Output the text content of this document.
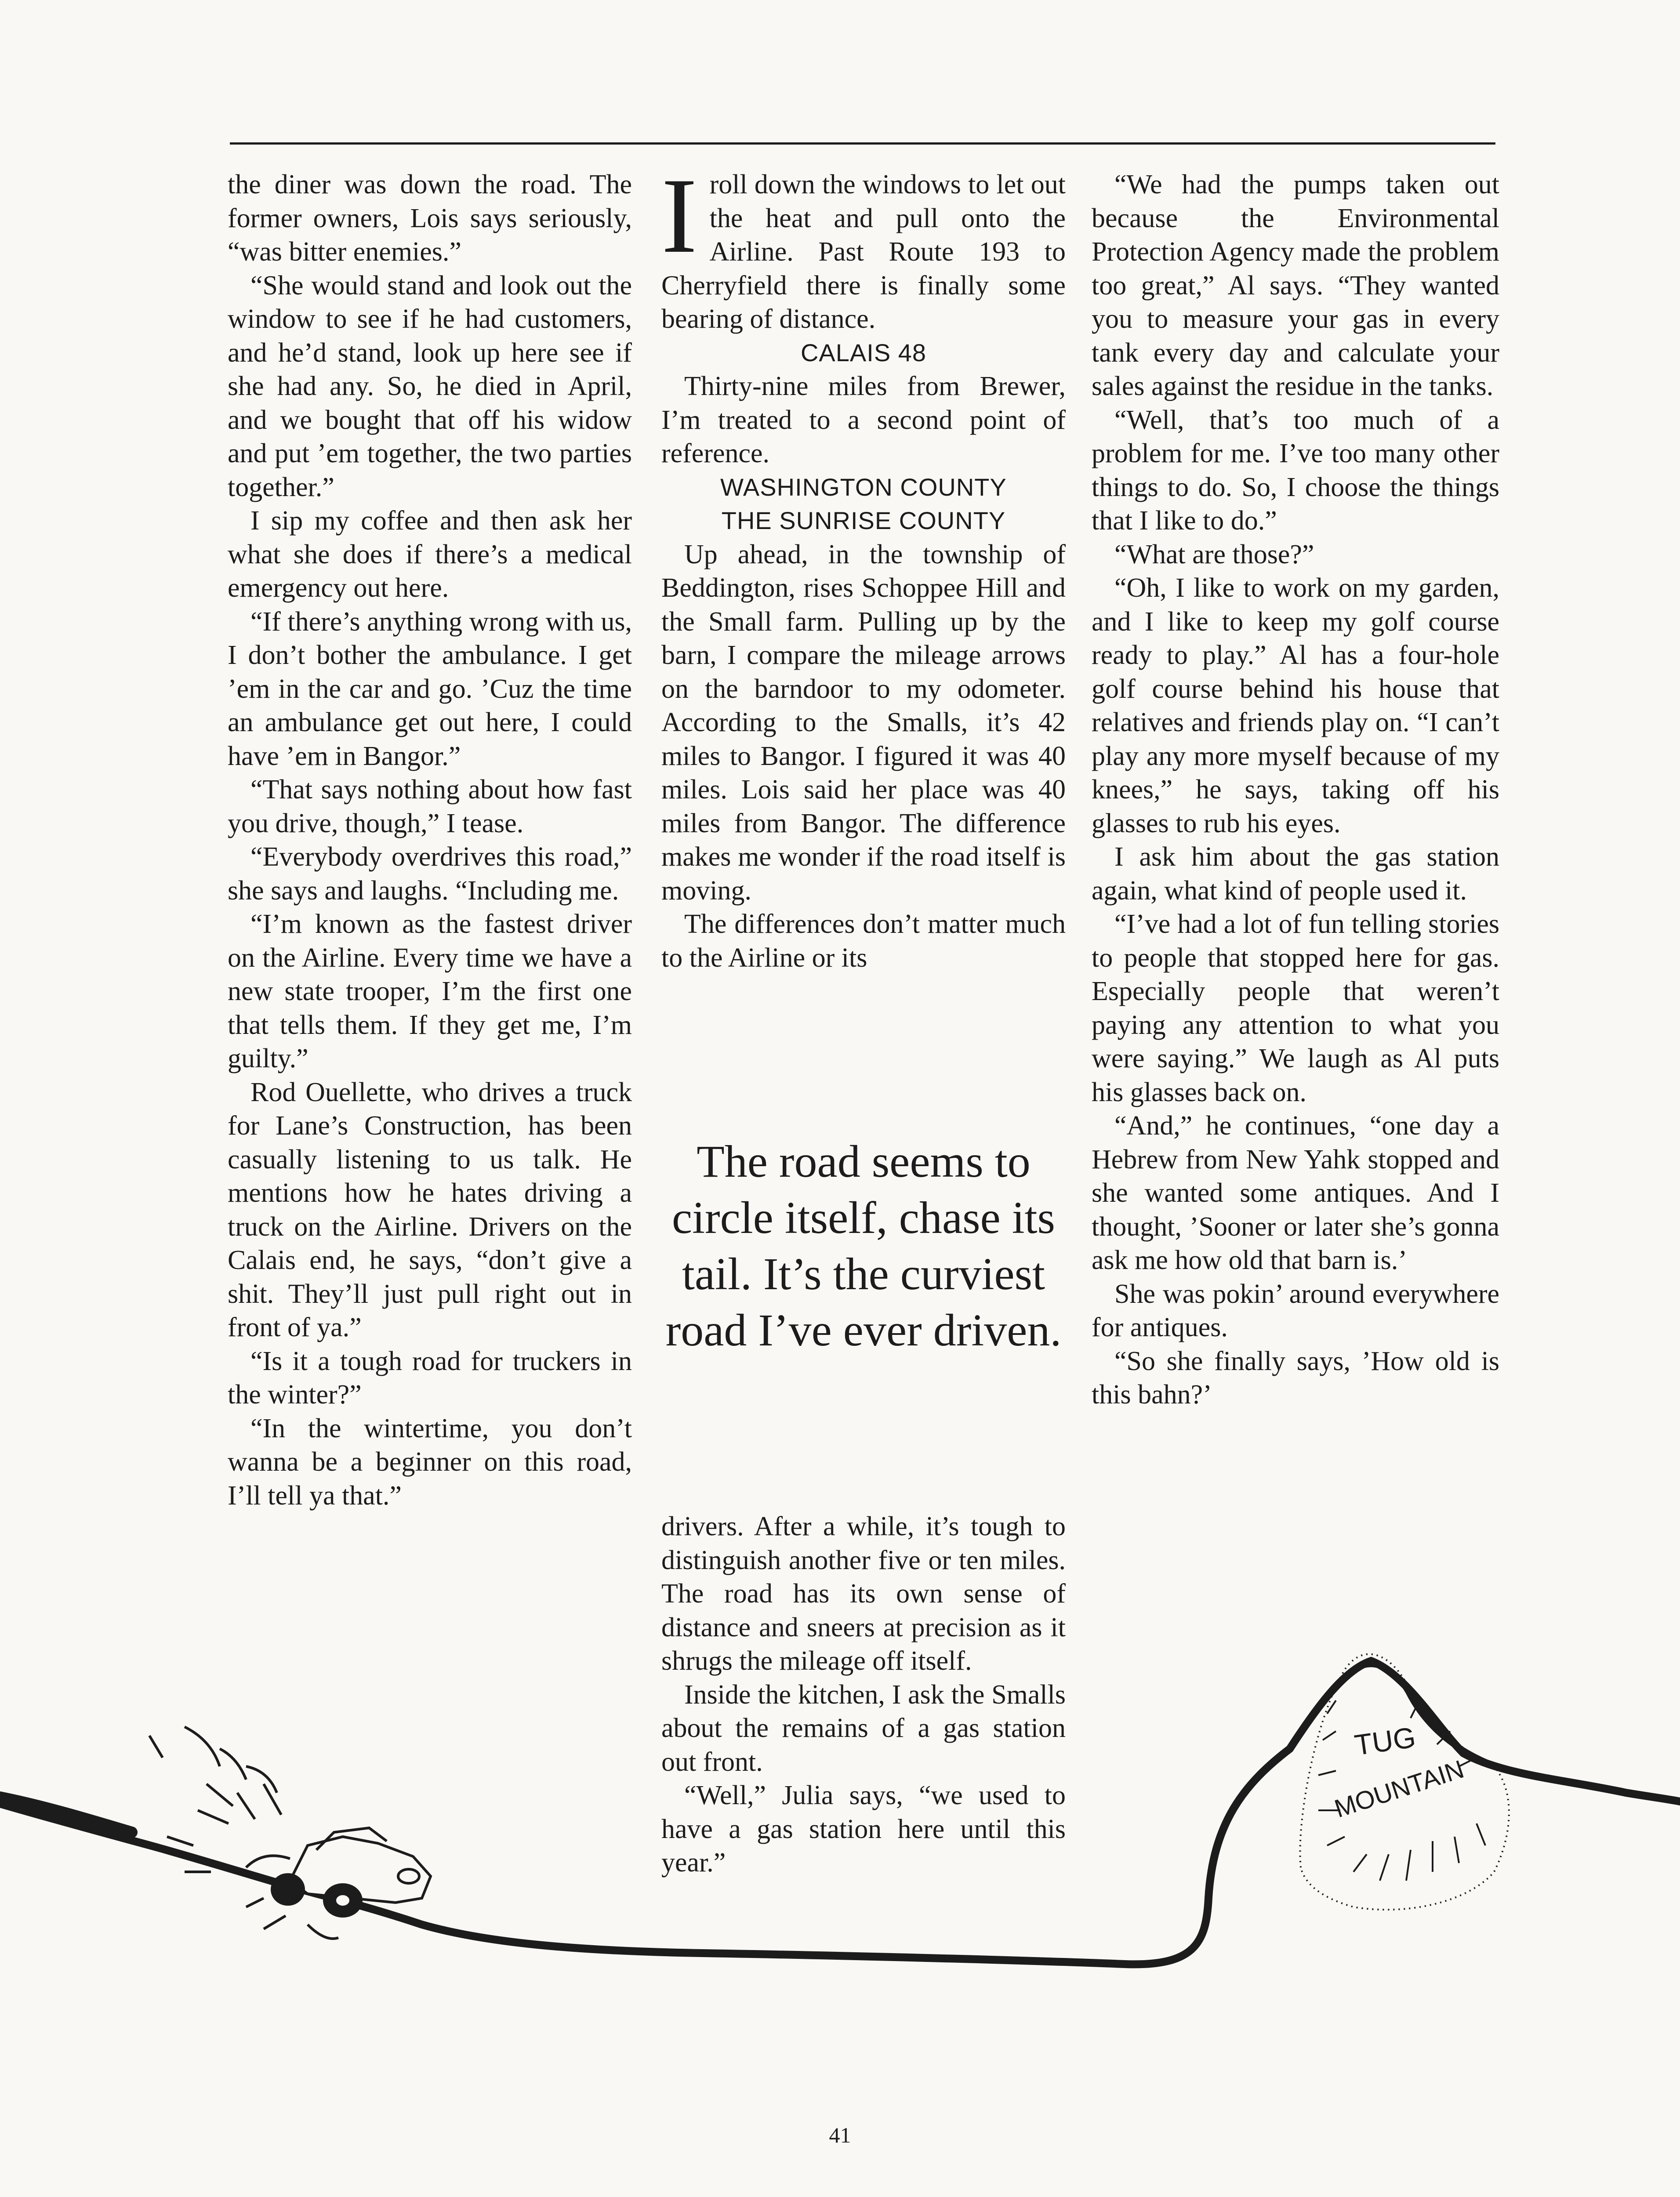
the diner was down the road. The former owners, Lois says seriously, “was bitter enemies.”

“She would stand and look out the window to see if he had customers, and he’d stand, look up here see if she had any. So, he died in April, and we bought that off his widow and put ’em together, the two parties together.”

I sip my coffee and then ask her what she does if there’s a medical emergency out here.

“If there’s anything wrong with us, I don’t bother the ambulance. I get ’em in the car and go. ’Cuz the time an ambulance get out here, I could have ’em in Bangor.”

“That says nothing about how fast you drive, though,” I tease.

“Everybody overdrives this road,” she says and laughs. “Including me.

“I’m known as the fastest driver on the Airline. Every time we have a new state trooper, I’m the first one that tells them. If they get me, I’m guilty.”

Rod Ouellette, who drives a truck for Lane’s Construction, has been casually listening to us talk. He mentions how he hates driving a truck on the Airline. Drivers on the Calais end, he says, “don’t give a shit. They’ll just pull right out in front of ya.”

“Is it a tough road for truckers in the winter?”

“In the wintertime, you don’t wanna be a beginner on this road, I’ll tell ya that.”

Iroll down the windows to let out the heat and pull onto the Airline. Past Route 193 to Cherryfield there is finally some bearing of distance.

CALAIS 48

Thirty-nine miles from Brewer, I’m treated to a second point of reference.

WASHINGTON COUNTY

THE SUNRISE COUNTY

Up ahead, in the township of Beddington, rises Schoppee Hill and the Small farm. Pulling up by the barn, I compare the mileage arrows on the barndoor to my odometer. According to the Smalls, it’s 42 miles to Bangor. I figured it was 40 miles. Lois said her place was 40 miles from Bangor. The difference makes me wonder if the road itself is moving.

The differences don’t matter much to the Airline or its

The road seems to circle itself, chase its tail. It’s the curviest road I’ve ever driven.

drivers. After a while, it’s tough to distinguish another five or ten miles. The road has its own sense of distance and sneers at precision as it shrugs the mileage off itself.

Inside the kitchen, I ask the Smalls about the remains of a gas station out front.

“Well,” Julia says, “we used to have a gas station here until this year.”

“We had the pumps taken out because the Environmental Protection Agency made the problem too great,” Al says. “They wanted you to measure your gas in every tank every day and calculate your sales against the residue in the tanks.

“Well, that’s too much of a problem for me. I’ve too many other things to do. So, I choose the things that I like to do.”

“What are those?”

“Oh, I like to work on my garden, and I like to keep my golf course ready to play.” Al has a four-hole golf course behind his house that relatives and friends play on. “I can’t play any more myself because of my knees,” he says, taking off his glasses to rub his eyes.

I ask him about the gas station again, what kind of people used it.

“I’ve had a lot of fun telling stories to people that stopped here for gas. Especially people that weren’t paying any attention to what you were saying.” We laugh as Al puts his glasses back on.

“And,” he continues, “one day a Hebrew from New Yahk stopped and she wanted some antiques. And I thought, ’Sooner or later she’s gonna ask me how old that barn is.’

She was pokin’ around everywhere for antiques.

“So she finally says, ’How old is this bahn?’

TUG
MOUNTAIN
41
